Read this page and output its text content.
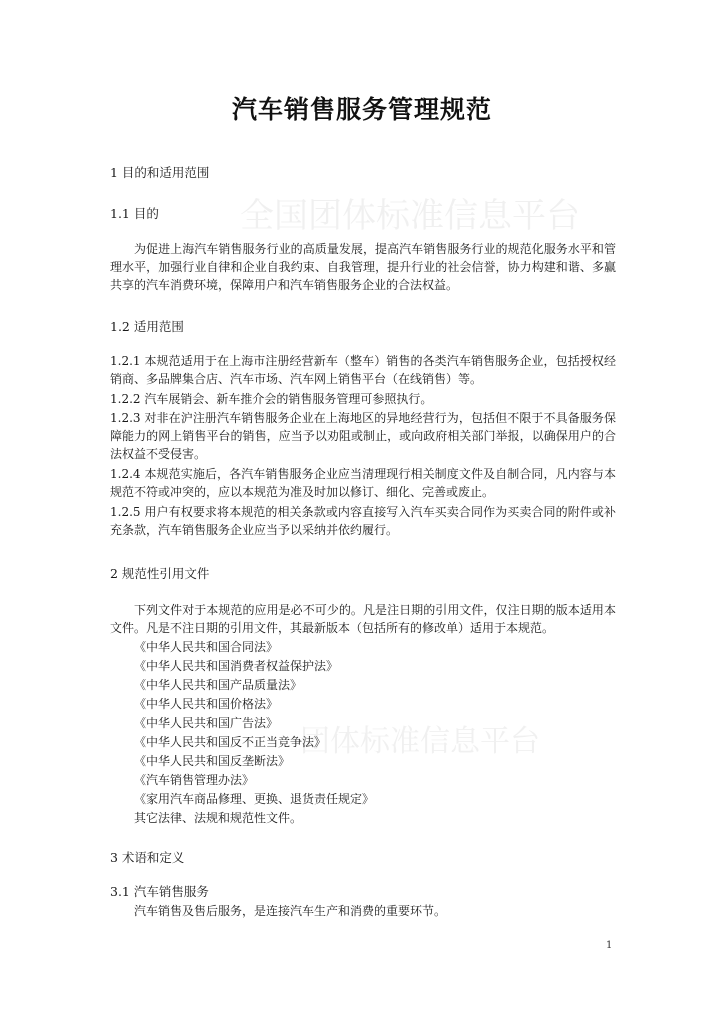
全国团体标准信息平台
团体标准信息平台
汽车销售服务管理规范
1 目的和适用范围
1.1 目的
为促进上海汽车销售服务行业的高质量发展，提高汽车销售服务行业的规范化服务水平和管理水平，加强行业自律和企业自我约束、自我管理，提升行业的社会信誉，协力构建和谐、多赢共享的汽车消费环境，保障用户和汽车销售服务企业的合法权益。
1.2 适用范围
1.2.1 本规范适用于在上海市注册经营新车（整车）销售的各类汽车销售服务企业，包括授权经销商、多品牌集合店、汽车市场、汽车网上销售平台（在线销售）等。
1.2.2 汽车展销会、新车推介会的销售服务管理可参照执行。
1.2.3 对非在沪注册汽车销售服务企业在上海地区的异地经营行为，包括但不限于不具备服务保障能力的网上销售平台的销售，应当予以劝阻或制止，或向政府相关部门举报，以确保用户的合法权益不受侵害。
1.2.4 本规范实施后，各汽车销售服务企业应当清理现行相关制度文件及自制合同，凡内容与本规范不符或冲突的，应以本规范为准及时加以修订、细化、完善或废止。
1.2.5 用户有权要求将本规范的相关条款或内容直接写入汽车买卖合同作为买卖合同的附件或补充条款，汽车销售服务企业应当予以采纳并依约履行。
2 规范性引用文件
下列文件对于本规范的应用是必不可少的。凡是注日期的引用文件，仅注日期的版本适用本文件。凡是不注日期的引用文件，其最新版本（包括所有的修改单）适用于本规范。
《中华人民共和国合同法》
《中华人民共和国消费者权益保护法》
《中华人民共和国产品质量法》
《中华人民共和国价格法》
《中华人民共和国广告法》
《中华人民共和国反不正当竞争法》
《中华人民共和国反垄断法》
《汽车销售管理办法》
《家用汽车商品修理、更换、退货责任规定》
其它法律、法规和规范性文件。
3 术语和定义
3.1 汽车销售服务
汽车销售及售后服务，是连接汽车生产和消费的重要环节。
1
